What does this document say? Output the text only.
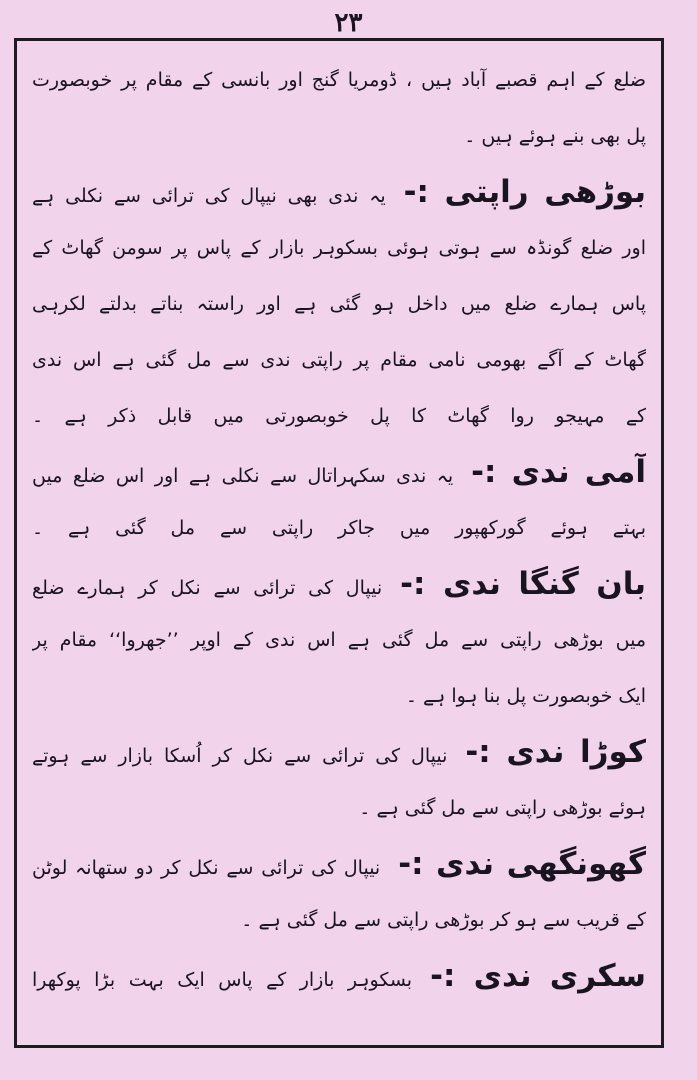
۲۳
ضلع کے اہم قصبے آباد ہیں ، ڈومریا گنج اور بانسی کے مقام پر خوبصورت
پل بھی بنے ہوئے ہیں ۔
بوڑھی راپتی :-یہ ندی بھی نیپال کی ترائی سے نکلی ہے
اور ضلع گونڈہ سے ہوتی ہوئی بسکوہر بازار کے پاس پر سومن گھاٹ کے
پاس ہمارے ضلع میں داخل ہو گئی ہے اور راستہ بناتے بدلتے لکرہی
گھاٹ کے آگے بھومی نامی مقام پر راپتی ندی سے مل گئی ہے اس ندی
کے مہیجو روا گھاٹ کا پل خوبصورتی میں قابل ذکر ہے ۔
آمی ندی :-یہ ندی سکہراتال سے نکلی ہے اور اس ضلع میں
بہتے ہوئے گورکھپور میں جاکر راپتی سے مل گئی ہے ۔
بان گنگا ندی :-نیپال کی ترائی سے نکل کر ہمارے ضلع
میں بوڑھی راپتی سے مل گئی ہے اس ندی کے اوپر ’’جھروا‘‘ مقام پر
ایک خوبصورت پل بنا ہوا ہے ۔
کوڑا ندی :-نیپال کی ترائی سے نکل کر اُسکا بازار سے ہوتے
ہوئے بوڑھی راپتی سے مل گئی ہے ۔
گھونگھی ندی :-نیپال کی ترائی سے نکل کر دو ستھانہ لوٹن
کے قریب سے ہو کر بوڑھی راپتی سے مل گئی ہے ۔
سکری ندی :-بسکوہر بازار کے پاس ایک بہت بڑا پوکھرا
